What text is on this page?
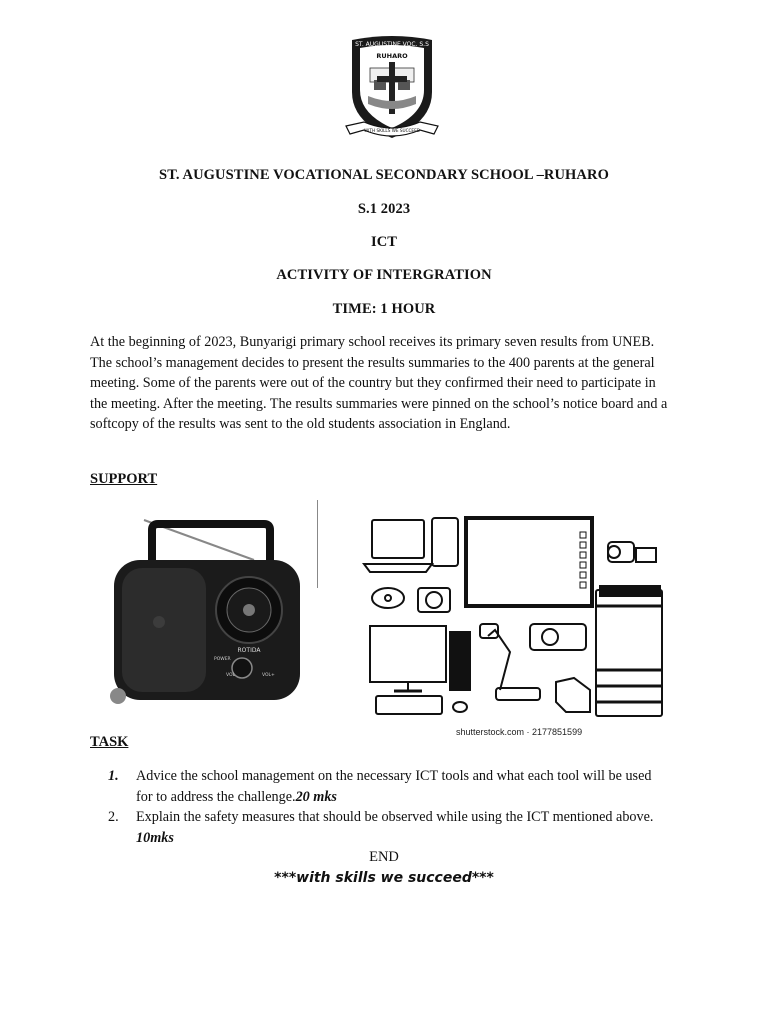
ST. AUGUSTINE VOC. S.S
RUHARO
WITH SKILLS WE SUCCEED
ST. AUGUSTINE VOCATIONAL SECONDARY SCHOOL –RUHARO
S.1 2023
ICT
ACTIVITY OF INTERGRATION
TIME: 1 HOUR
At the beginning of 2023, Bunyarigi primary school receives its primary seven results from UNEB. The school’s management decides to present the results summaries to the 400 parents at the general meeting. Some of the parents were out of the country but they confirmed their need to participate in the meeting. After the meeting. The results summaries were pinned on the school’s notice board and a softcopy of the results was sent to the old students association in England.
SUPPORT
ROTIDA
POWER
VOL	VOL+
shutterstock.com · 2177851599
TASK
1.	Advice the school management on the necessary ICT tools and what each tool will be used for to address the challenge.20 mks
2.	Explain the safety measures that should be observed while using the ICT mentioned above. 10mks
END
***with skills we succeed***
